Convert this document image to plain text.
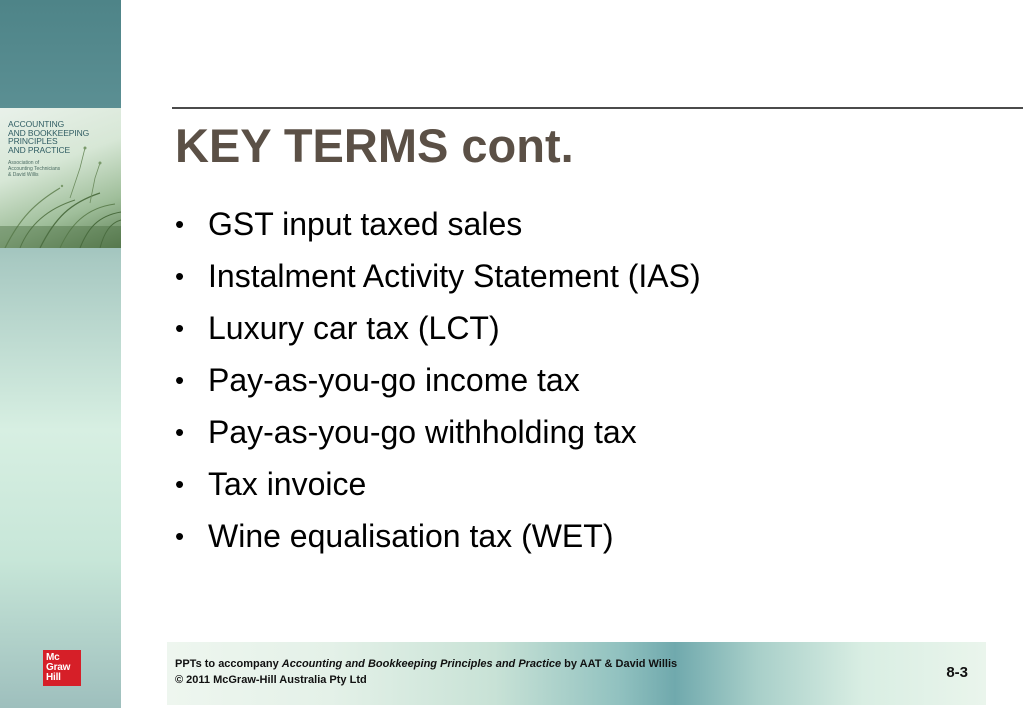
ACCOUNTING
AND BOOKKEEPING
PRINCIPLES
AND PRACTICE
Association of
Accounting Technicians
& David Willis
Mc
Graw
Hill
KEY TERMS cont.
• GST input taxed sales
• Instalment Activity Statement (IAS)
• Luxury car tax (LCT)
• Pay-as-you-go income tax
• Pay-as-you-go withholding tax
• Tax invoice
• Wine equalisation tax (WET)
PPTs to accompany Accounting and Bookkeeping Principles and Practice by AAT & David Willis
© 2011 McGraw-Hill Australia Pty Ltd	8-3
